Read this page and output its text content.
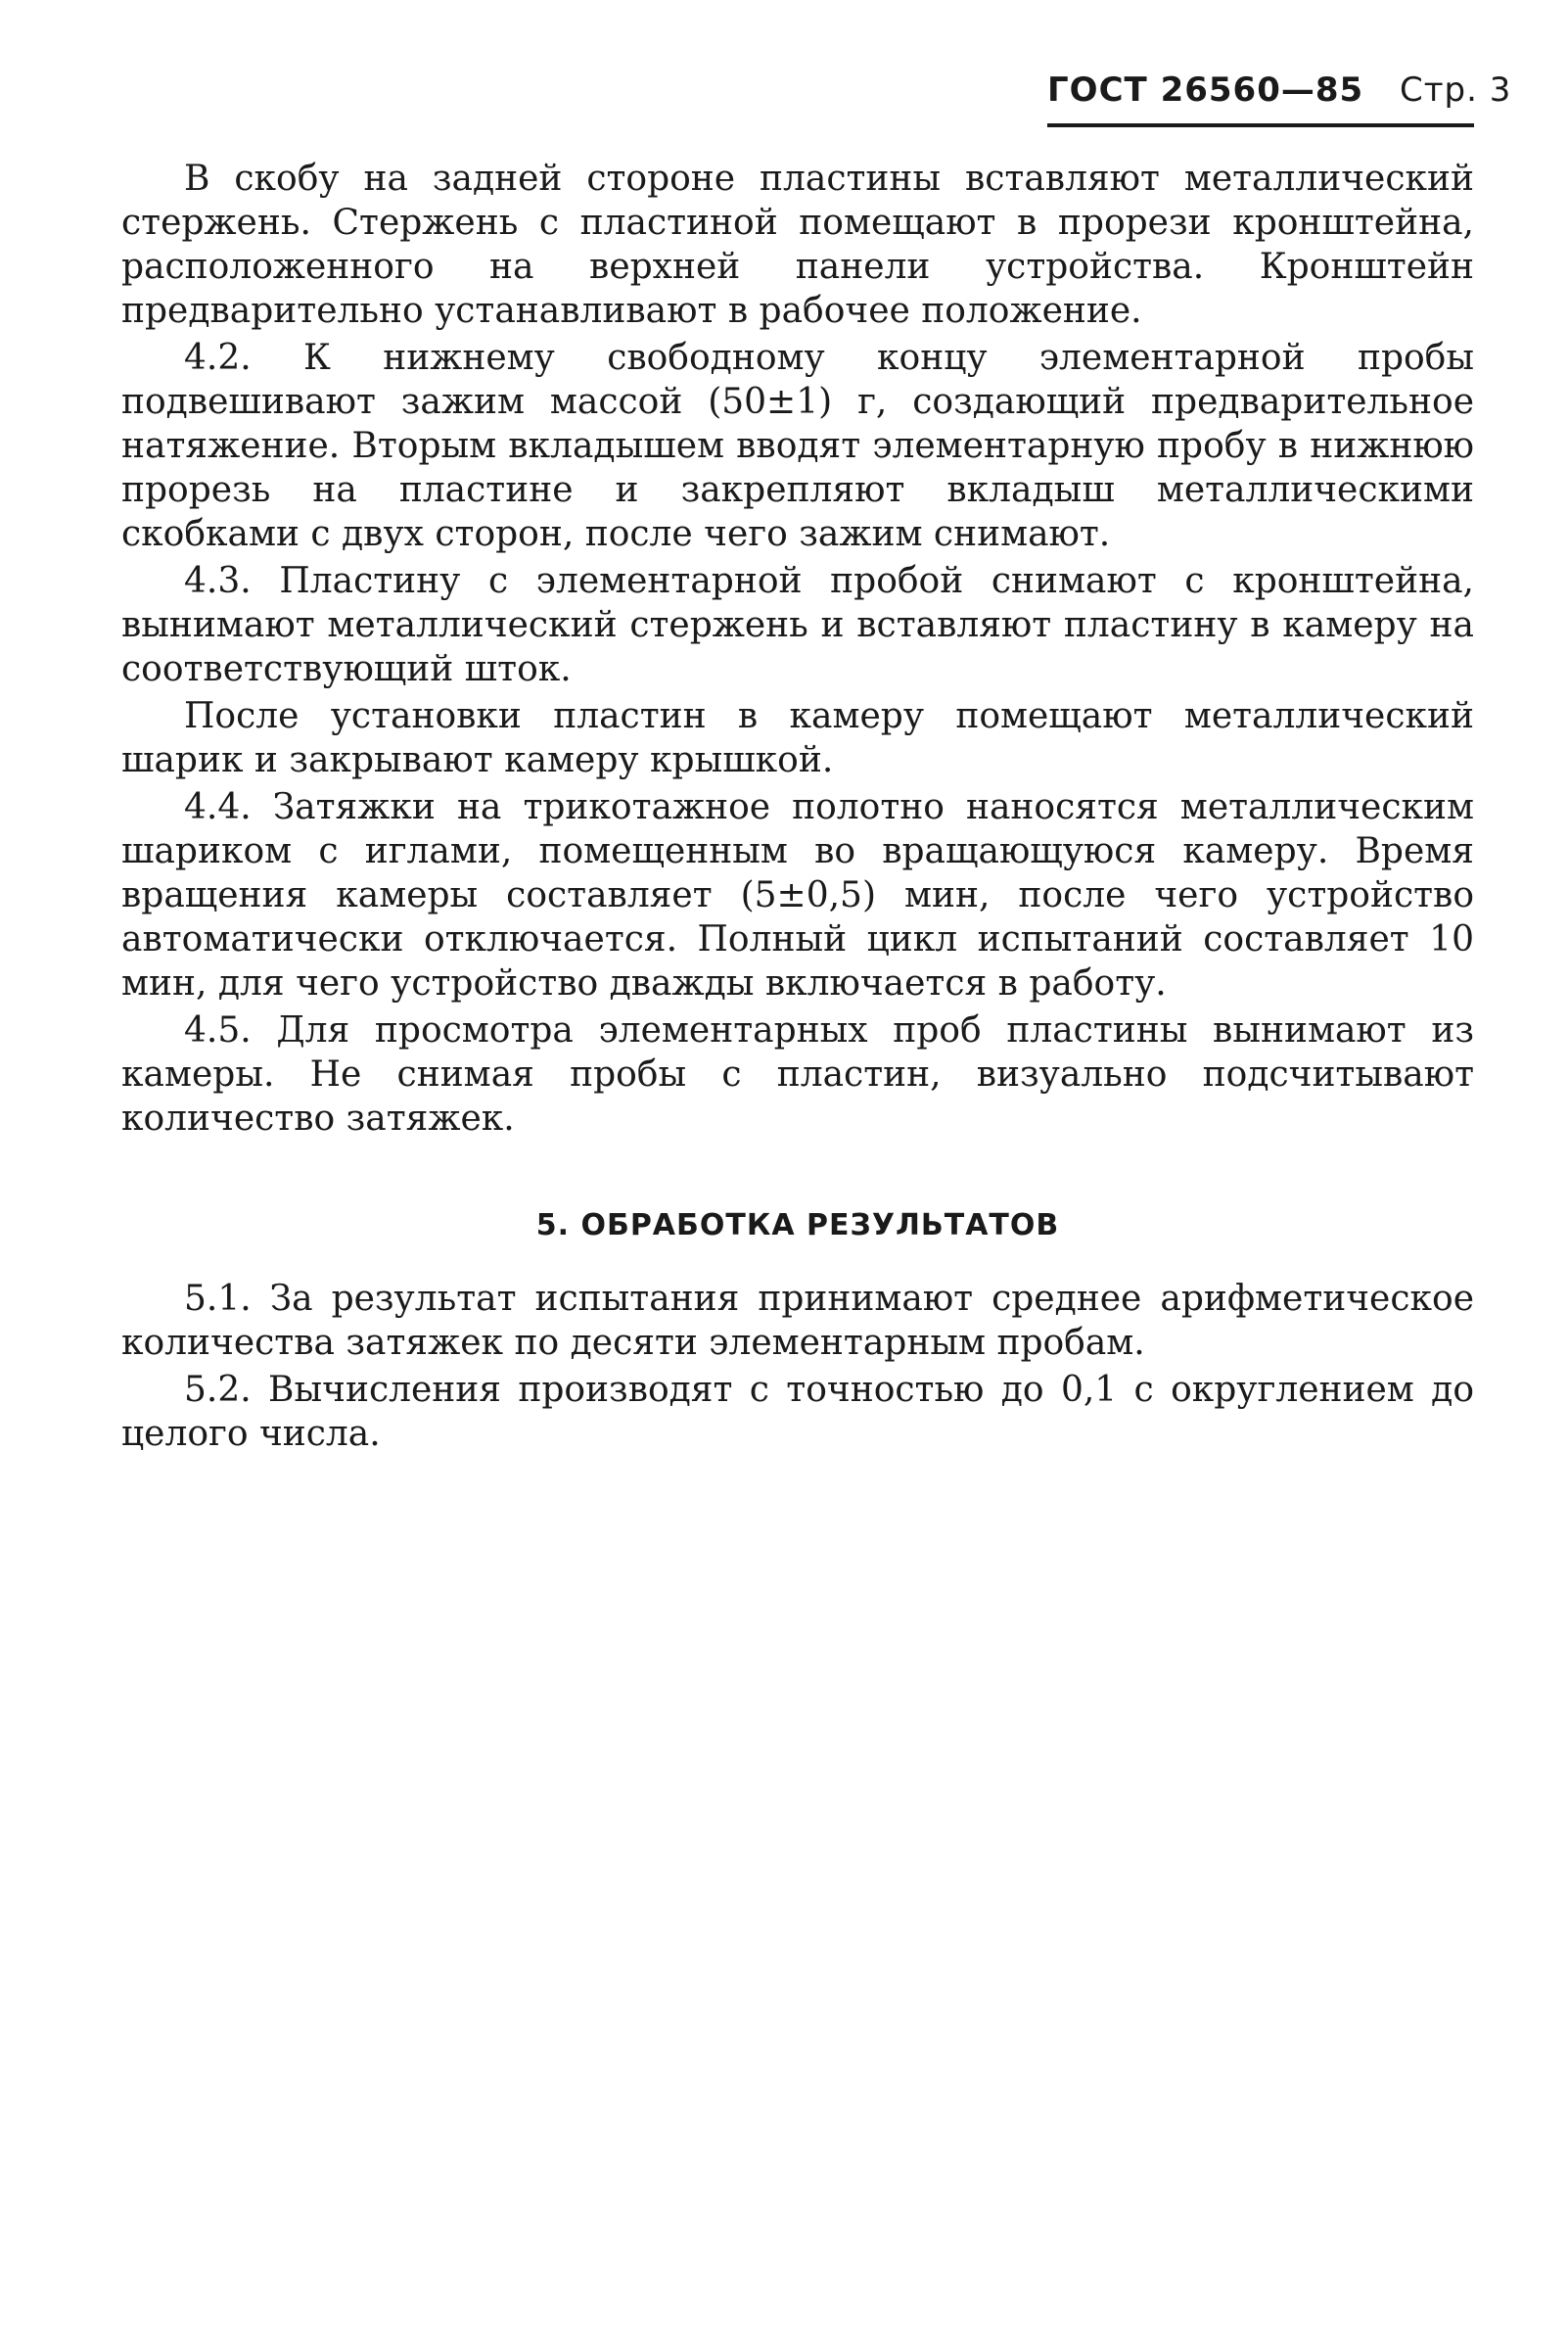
ГОСТ 26560—85 Стр. 3

В скобу на задней стороне пластины вставляют металлический стержень. Стержень с пластиной помещают в прорези кронштейна, расположенного на верхней панели устройства. Кронштейн предварительно устанавливают в рабочее положение.

4.2. К нижнему свободному концу элементарной пробы подвешивают зажим массой (50±1) г, создающий предварительное натяжение. Вторым вкладышем вводят элементарную пробу в нижнюю прорезь на пластине и закрепляют вкладыш металлическими скобками с двух сторон, после чего зажим снимают.

4.3. Пластину с элементарной пробой снимают с кронштейна, вынимают металлический стержень и вставляют пластину в камеру на соответствующий шток.

После установки пластин в камеру помещают металлический шарик и закрывают камеру крышкой.

4.4. Затяжки на трикотажное полотно наносятся металлическим шариком с иглами, помещенным во вращающуюся камеру. Время вращения камеры составляет (5±0,5) мин, после чего устройство автоматически отключается. Полный цикл испытаний составляет 10 мин, для чего устройство дважды включается в работу.

4.5. Для просмотра элементарных проб пластины вынимают из камеры. Не снимая пробы с пластин, визуально подсчитывают количество затяжек.

5. ОБРАБОТКА РЕЗУЛЬТАТОВ

5.1. За результат испытания принимают среднее арифметическое количества затяжек по десяти элементарным пробам.

5.2. Вычисления производят с точностью до 0,1 с округлением до целого числа.
